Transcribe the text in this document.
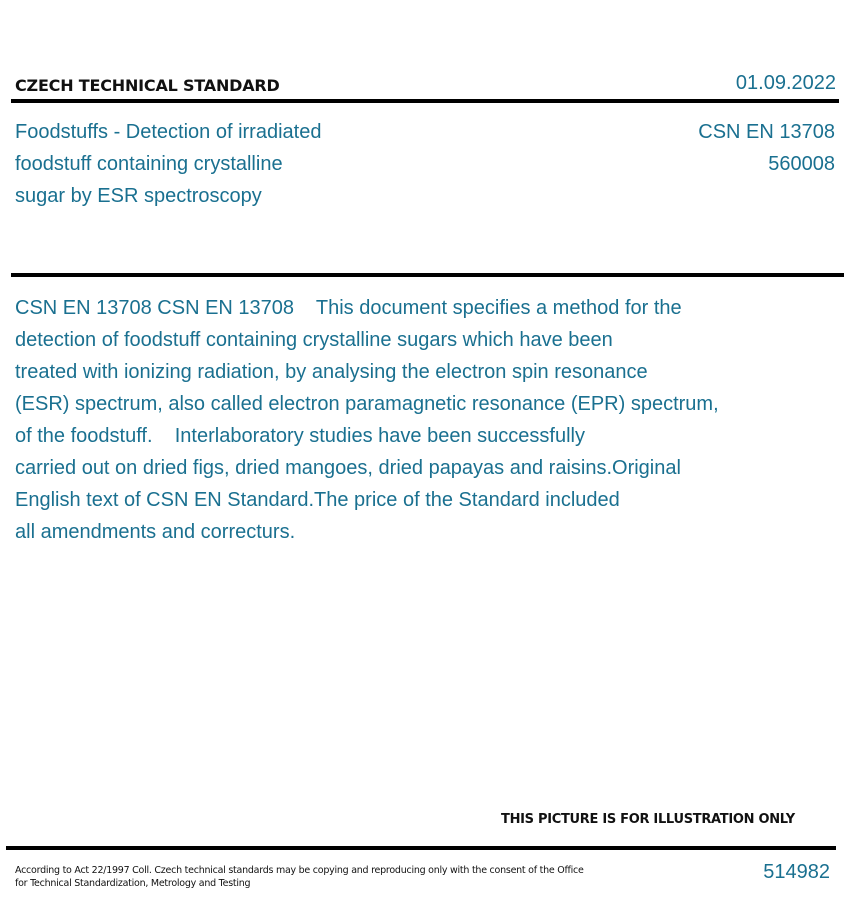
CZECH TECHNICAL STANDARD	01.09.2022
Foodstuffs - Detection of irradiated
foodstuff containing crystalline
sugar by ESR spectroscopy
CSN EN 13708
560008
CSN EN 13708 CSN EN 13708    This document specifies a method for the
detection of foodstuff containing crystalline sugars which have been
treated with ionizing radiation, by analysing the electron spin resonance
(ESR) spectrum, also called electron paramagnetic resonance (EPR) spectrum,
of the foodstuff.    Interlaboratory studies have been successfully
carried out on dried figs, dried mangoes, dried papayas and raisins.Original
English text of CSN EN Standard.The price of the Standard included
all amendments and correcturs.
THIS PICTURE IS FOR ILLUSTRATION ONLY
According to Act 22/1997 Coll. Czech technical standards may be copying and reproducing only with the consent of the Office
for Technical Standardization, Metrology and Testing
514982
